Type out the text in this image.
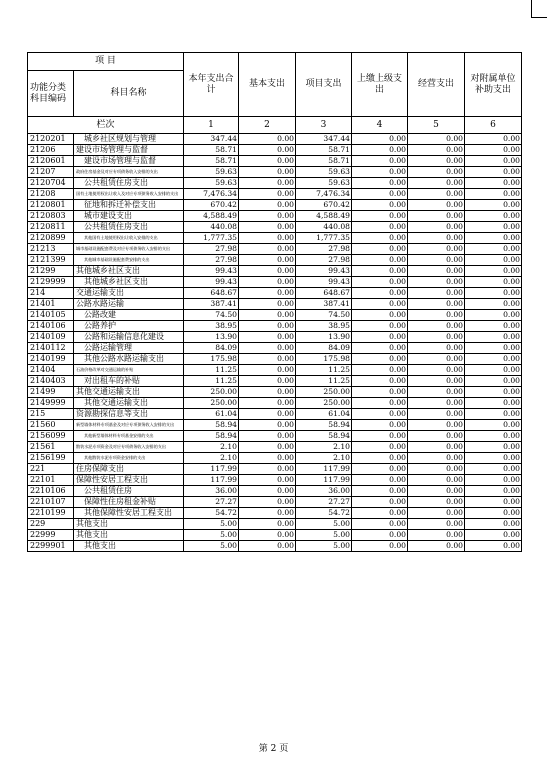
项 目		本年支出合计	基本支出	项目支出	上缴上级支出	经营支出	对附属单位补助支出
功能分类科目编码	科目名称						
栏次		1	2	3	4	5	6
2120201	城乡社区规划与管理	347.44	0.00	347.44	0.00	0.00	0.00
21206	建设市场管理与监督	58.71	0.00	58.71	0.00	0.00	0.00
2120601	建设市场管理与监督	58.71	0.00	58.71	0.00	0.00	0.00
21207	政府住房基金及对应专项债务收入安排的支出	59.63	0.00	59.63	0.00	0.00	0.00
2120704	公共租赁住房支出	59.63	0.00	59.63	0.00	0.00	0.00
21208	国有土地使用权出让收入及对应专项债务收入安排的支出	7,476.34	0.00	7,476.34	0.00	0.00	0.00
2120801	征地和拆迁补偿支出	670.42	0.00	670.42	0.00	0.00	0.00
2120803	城市建设支出	4,588.49	0.00	4,588.49	0.00	0.00	0.00
2120811	公共租赁住房支出	440.08	0.00	440.08	0.00	0.00	0.00
2120899	其他国有土地使用权出让收入安排的支出	1,777.35	0.00	1,777.35	0.00	0.00	0.00
21213	城市基础设施配套费及对应专项债务收入安排的支出	27.98	0.00	27.98	0.00	0.00	0.00
2121399	其他城市基础设施配套费安排的支出	27.98	0.00	27.98	0.00	0.00	0.00
21299	其他城乡社区支出	99.43	0.00	99.43	0.00	0.00	0.00
2129999	其他城乡社区支出	99.43	0.00	99.43	0.00	0.00	0.00
214	交通运输支出	648.67	0.00	648.67	0.00	0.00	0.00
21401	公路水路运输	387.41	0.00	387.41	0.00	0.00	0.00
2140105	公路改建	74.50	0.00	74.50	0.00	0.00	0.00
2140106	公路养护	38.95	0.00	38.95	0.00	0.00	0.00
2140109	公路和运输信息化建设	13.90	0.00	13.90	0.00	0.00	0.00
2140112	公路运输管理	84.09	0.00	84.09	0.00	0.00	0.00
2140199	其他公路水路运输支出	175.98	0.00	175.98	0.00	0.00	0.00
21404	石油价格改革对交通运输的补贴	11.25	0.00	11.25	0.00	0.00	0.00
2140403	对出租车的补贴	11.25	0.00	11.25	0.00	0.00	0.00
21499	其他交通运输支出	250.00	0.00	250.00	0.00	0.00	0.00
2149999	其他交通运输支出	250.00	0.00	250.00	0.00	0.00	0.00
215	资源勘探信息等支出	61.04	0.00	61.04	0.00	0.00	0.00
21560	新型墙体材料专项基金及对应专项债务收入安排的支出	58.94	0.00	58.94	0.00	0.00	0.00
2156099	其他新型墙体材料专项基金安排的支出	58.94	0.00	58.94	0.00	0.00	0.00
21561	散装水泥专项资金及对应专项债务收入安排的支出	2.10	0.00	2.10	0.00	0.00	0.00
2156199	其他散装水泥专项资金安排的支出	2.10	0.00	2.10	0.00	0.00	0.00
221	住房保障支出	117.99	0.00	117.99	0.00	0.00	0.00
22101	保障性安居工程支出	117.99	0.00	117.99	0.00	0.00	0.00
2210106	公共租赁住房	36.00	0.00	36.00	0.00	0.00	0.00
2210107	保障性住房租金补贴	27.27	0.00	27.27	0.00	0.00	0.00
2210199	其他保障性安居工程支出	54.72	0.00	54.72	0.00	0.00	0.00
229	其他支出	5.00	0.00	5.00	0.00	0.00	0.00
22999	其他支出	5.00	0.00	5.00	0.00	0.00	0.00
2299901	其他支出	5.00	0.00	5.00	0.00	0.00	0.00
第 2 页
